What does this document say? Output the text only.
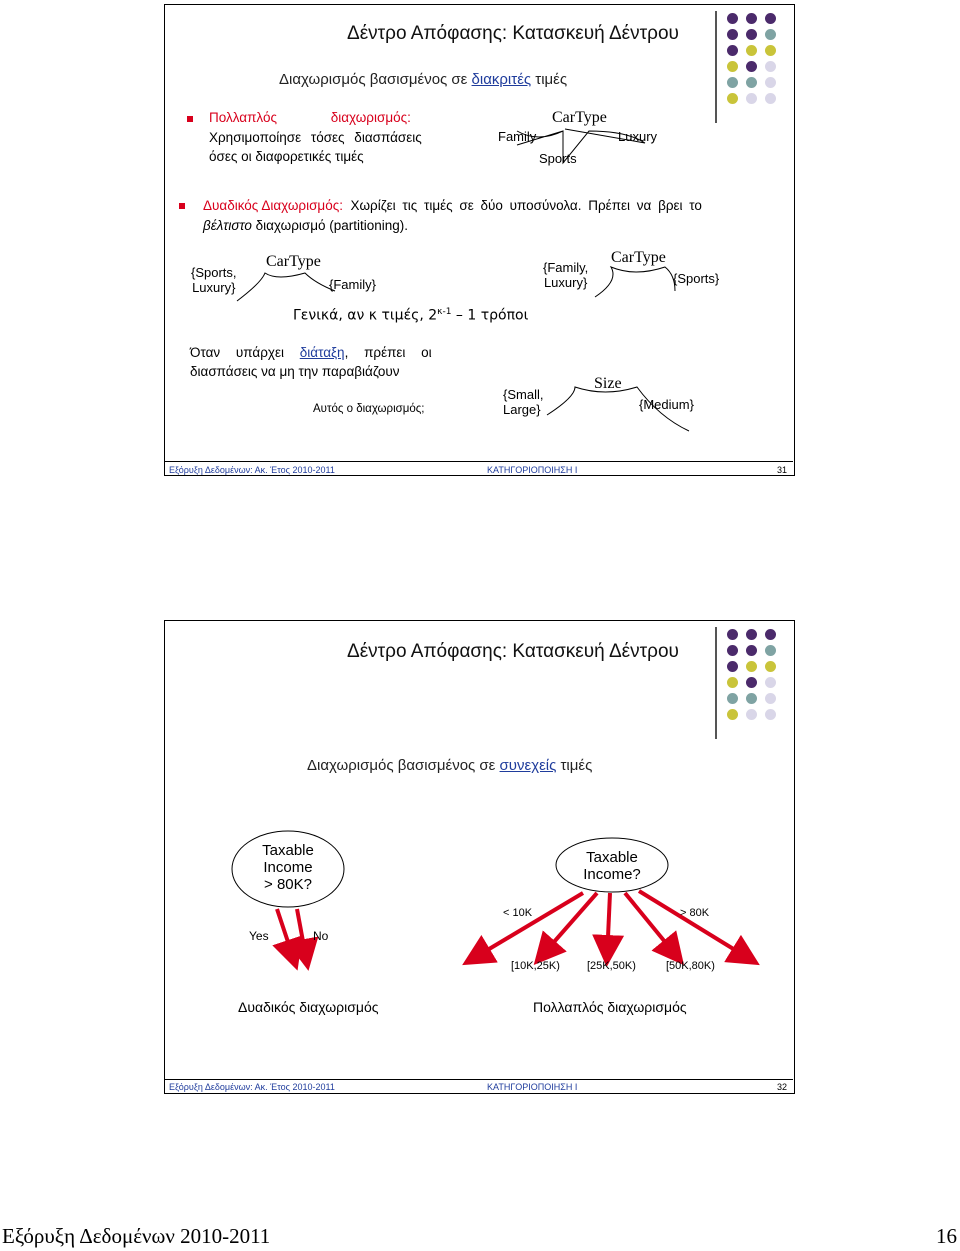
Δέντρο Απόφασης: Κατασκευή Δέντρου
Διαχωρισμός βασισμένος σε διακριτές τιμές
Πολλαπλός διαχωρισμός:
Χρησιμοποίησε τόσες διασπάσεις
όσες οι διαφορετικές τιμές
Family
CarType
Sports
Luxury
Δυαδικός Διαχωρισμός: Χωρίζει τις τιμές σε δύο υποσύνολα. Πρέπει να βρει το
βέλτιστο διαχωρισμό (partitioning).
{Sports,
Luxury}
CarType
{Family}
{Family,
Luxury}
CarType
{Sports}
Γενικά, αν κ τιμές, $2^{\kappa-1} - 1$ τρόποι
Όταν υπάρχει διάταξη, πρέπει οι
διασπάσεις να μη την παραβιάζουν
Αυτός ο διαχωρισμός;
{Small,
Large}
Size
{Medium}
Εξόρυξη Δεδομένων: Ακ. Έτος 2010-2011	ΚΑΤΗΓΟΡΙΟΠΟΙΗΣΗ Ι	31
Δέντρο Απόφασης: Κατασκευή Δέντρου
Διαχωρισμός βασισμένος σε συνεχείς τιμές
Taxable
Income
> 80K?
Yes	No
Δυαδικός διαχωρισμός
Taxable
Income?
< 10K	> 80K
[10K,25K) [25K,50K)	[50K,80K)
Πολλαπλός διαχωρισμός
Εξόρυξη Δεδομένων: Ακ. Έτος 2010-2011	ΚΑΤΗΓΟΡΙΟΠΟΙΗΣΗ Ι	32
Εξόρυξη Δεδομένων 2010-2011	16
